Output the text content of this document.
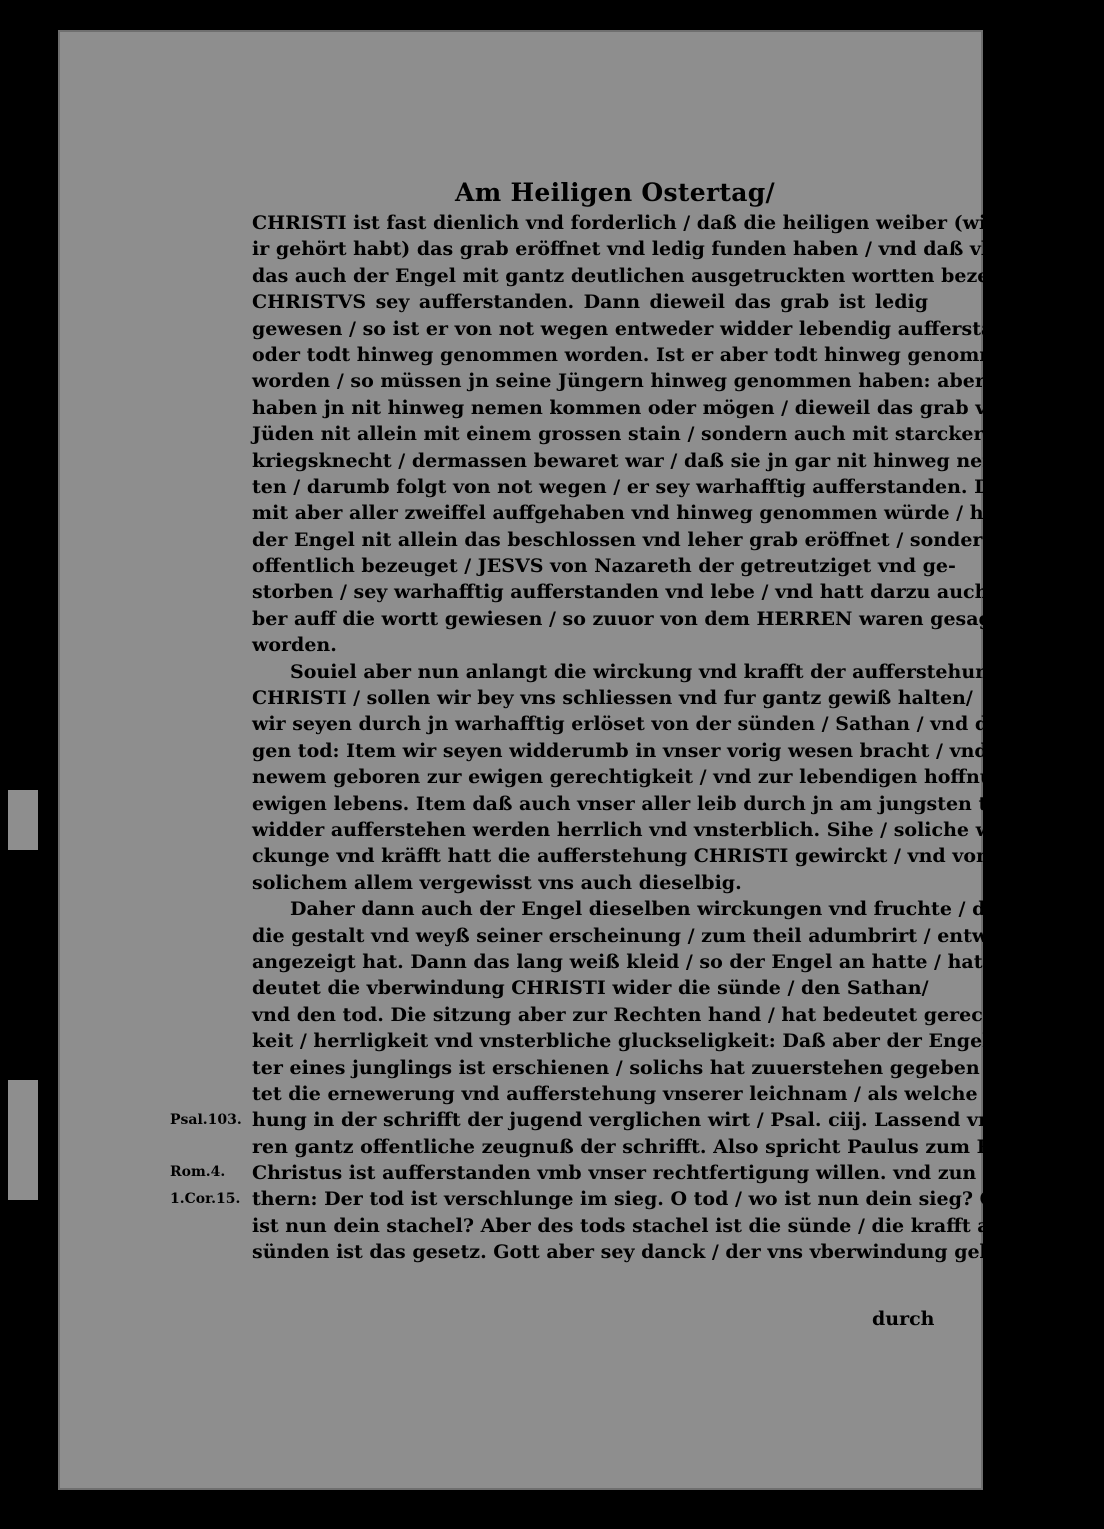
Am Heiligen Ostertag/
CHRISTI ist fast dienlich vnd forderlich / daß die heiligen weiber (wie
ir gehört habt) das grab eröffnet vnd ledig funden haben / vnd daß vber
das auch der Engel mit gantz deutlichen ausgetruckten wortten bezeuget hat/
CHRISTVS sey aufferstanden. Dann dieweil das grab ist ledig
gewesen / so ist er von not wegen entweder widder lebendig aufferstanden/
oder todt hinweg genommen worden. Ist er aber todt hinweg genommen
worden / so müssen jn seine Jüngern hinweg genommen haben: aber diese
haben jn nit hinweg nemen kommen oder mögen / dieweil das grab von den
Jüden nit allein mit einem grossen stain / sondern auch mit starcker huthe der
kriegsknecht / dermassen bewaret war / daß sie jn gar nit hinweg nemen moch-
ten / darumb folgt von not wegen / er sey warhafftig aufferstanden. Da-
mit aber aller zweiffel auffgehaben vnd hinweg genommen würde / hatt
der Engel nit allein das beschlossen vnd leher grab eröffnet / sondern auch
offentlich bezeuget / JESVS von Nazareth der getreutziget vnd ge-
storben / sey warhafftig aufferstanden vnd lebe / vnd hatt darzu auch die wei-
ber auff die wortt gewiesen / so zuuor von dem HERREN waren gesagt
worden.
Souiel aber nun anlangt die wirckung vnd krafft der aufferstehung
CHRISTI / sollen wir bey vns schliessen vnd fur gantz gewiß halten/
wir seyen durch jn warhafftig erlöset von der sünden / Sathan / vnd dem ewi-
gen tod: Item wir seyen widderumb in vnser vorig wesen bracht / vnd von
newem geboren zur ewigen gerechtigkeit / vnd zur lebendigen hoffnung des
ewigen lebens. Item daß auch vnser aller leib durch jn am jungsten tag
widder aufferstehen werden herrlich vnd vnsterblich. Sihe / soliche wir-
ckunge vnd kräfft hatt die aufferstehung CHRISTI gewirckt / vnd von
solichem allem vergewisst vns auch dieselbig.
Daher dann auch der Engel dieselben wirckungen vnd fruchte / durch
die gestalt vnd weyß seiner erscheinung / zum theil adumbrirt / entworffen vnd
angezeigt hat. Dann das lang weiß kleid / so der Engel an hatte / hatt be-
deutet die vberwindung CHRISTI wider die sünde / den Sathan/
vnd den tod. Die sitzung aber zur Rechten hand / hat bedeutet gerechtig-
keit / herrligkeit vnd vnsterbliche gluckseligkeit: Daß aber der Engel in dem al-
ter eines junglings ist erschienen / solichs hat zuuerstehen gegeben vnd bedeu-
tet die ernewerung vnd aufferstehung vnserer leichnam / als welche aufferste-
hung in der schrifft der jugend verglichen wirt / Psal. ciij. Lassend vns aber hö-
ren gantz offentliche zeugnuß der schrifft. Also spricht Paulus zum Römern:
Christus ist aufferstanden vmb vnser rechtfertigung willen. vnd zun Corin-
thern: Der tod ist verschlunge im sieg. O tod / wo ist nun dein sieg? O tod / wo
ist nun dein stachel? Aber des tods stachel ist die sünde / die krafft aber der
sünden ist das gesetz. Gott aber sey danck / der vns vberwindung geben hatt
Psal.103.
Rom.4.
1.Cor.15.
durch
